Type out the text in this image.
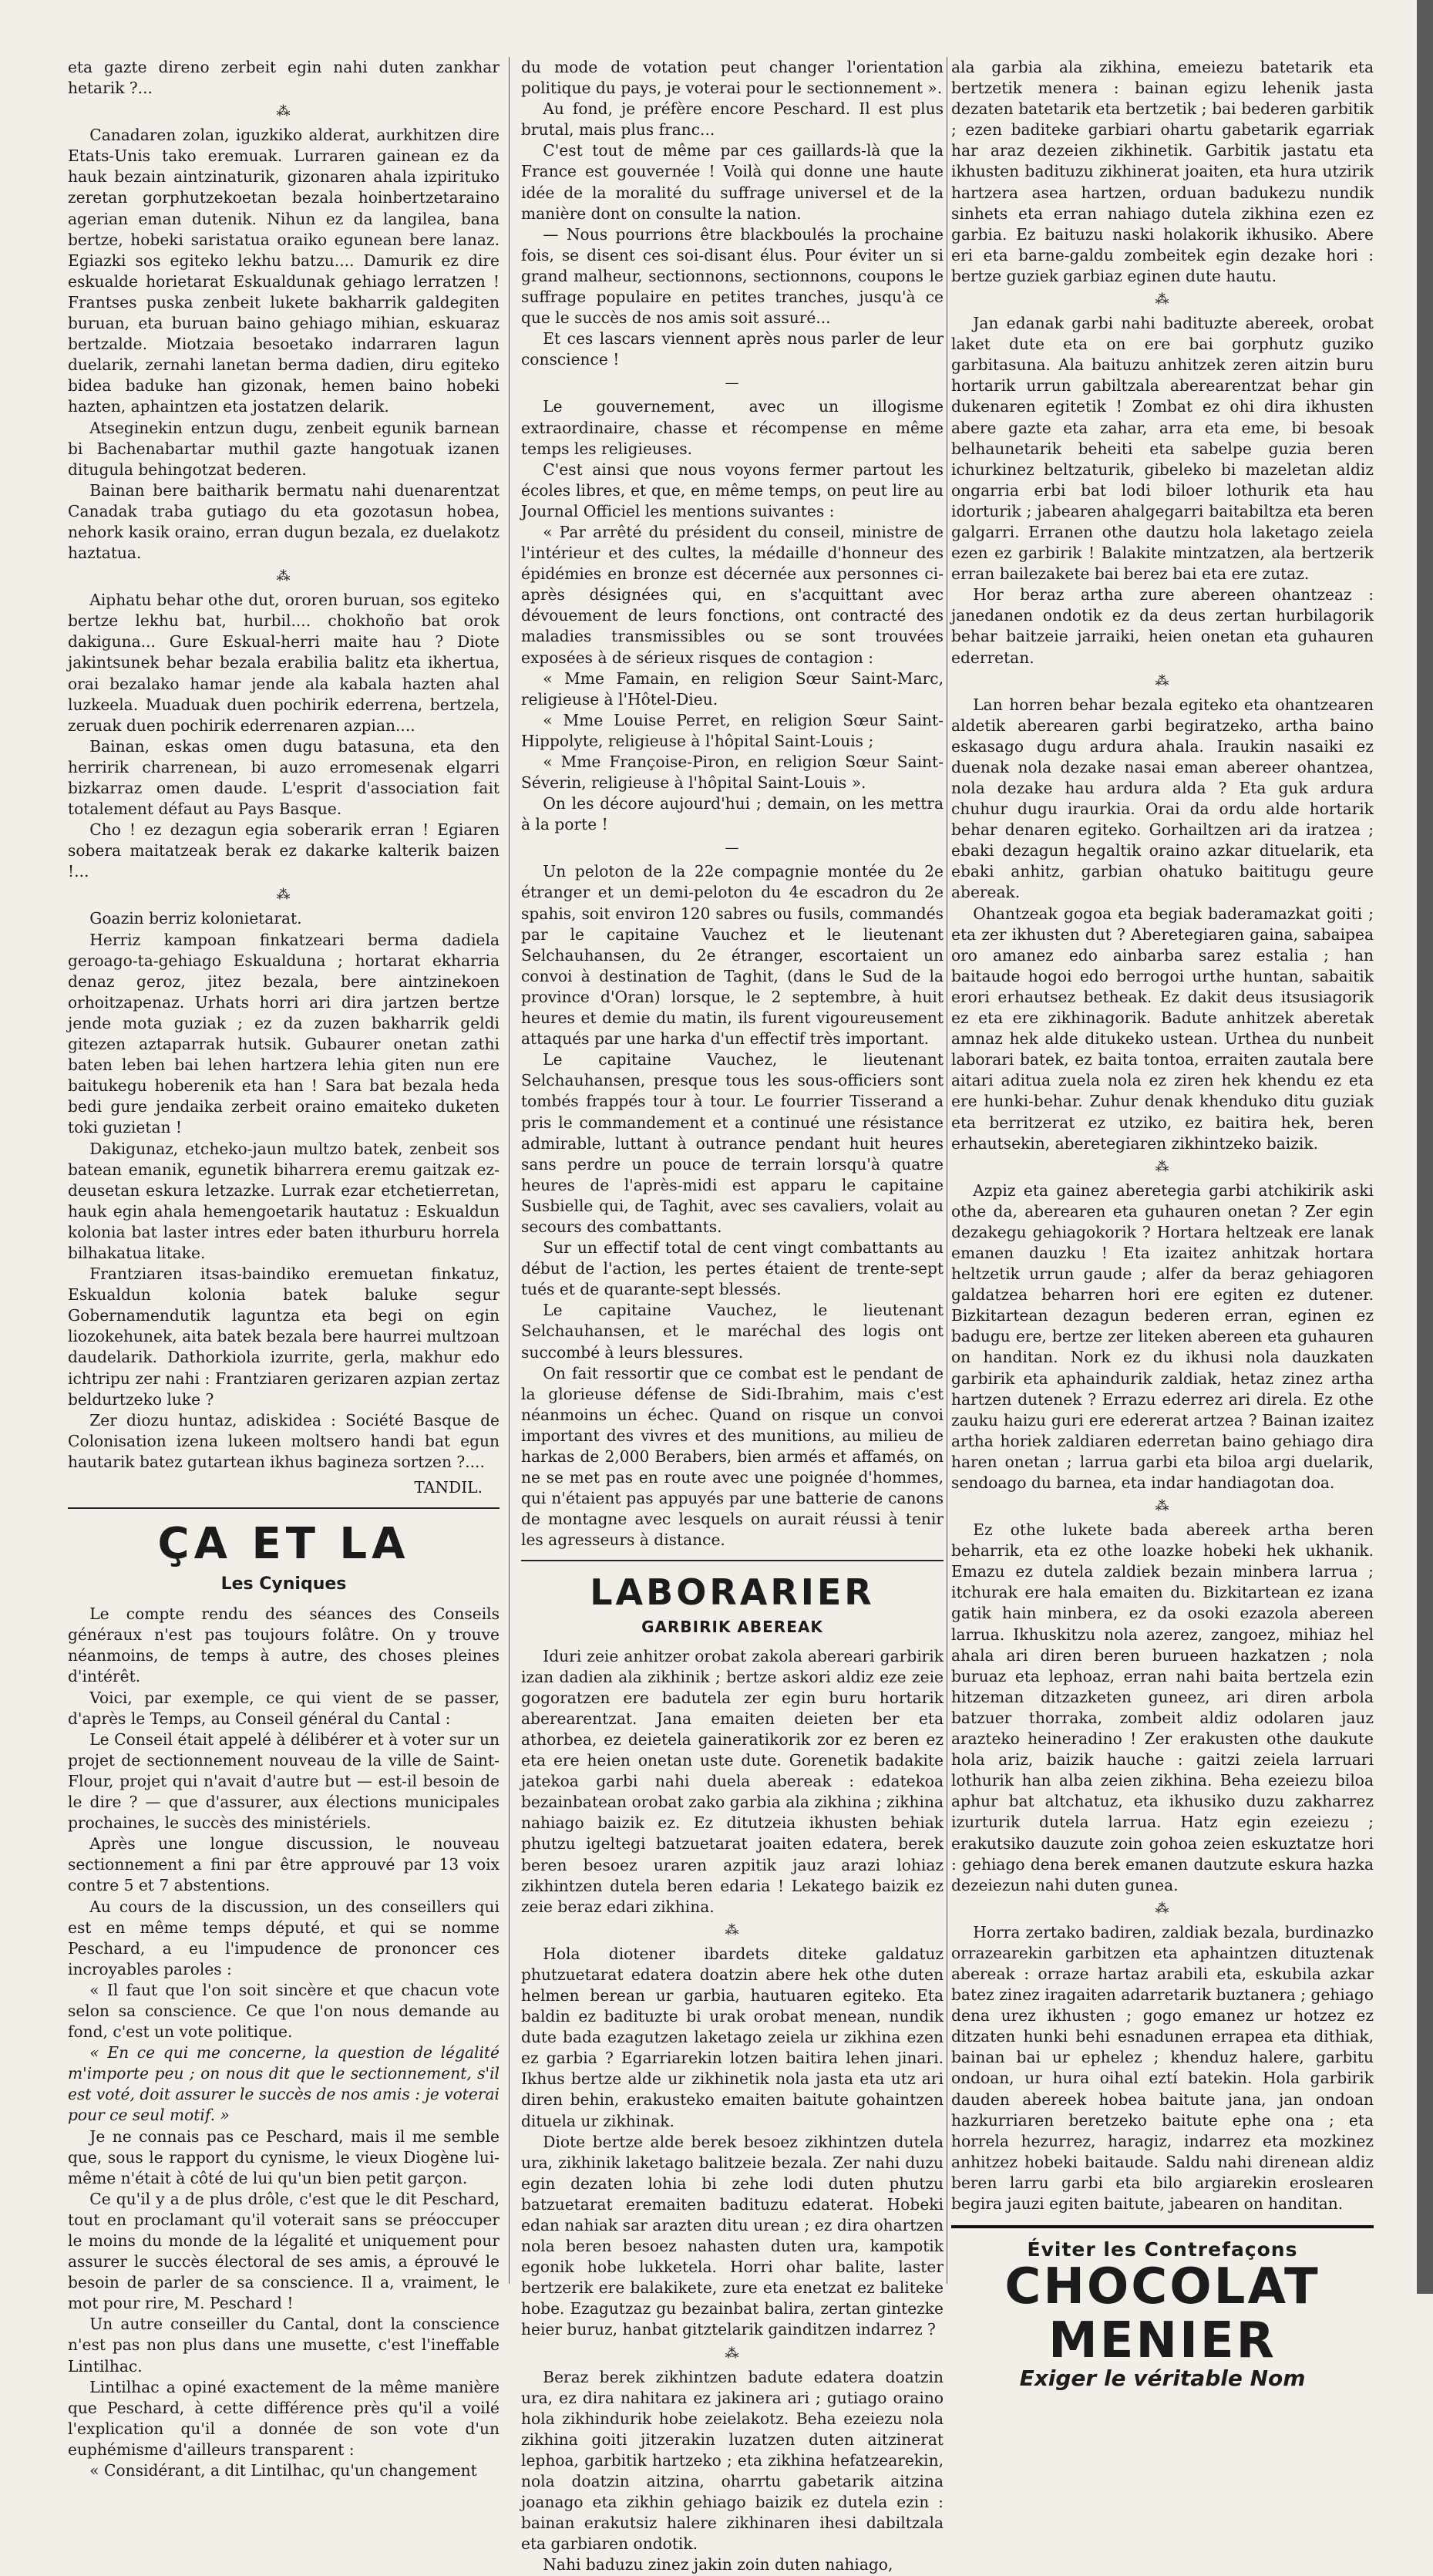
eta gazte direno zerbeit egin nahi duten zankhar hetarik ?...

⁂

Canadaren zolan, iguzkiko alderat, aurkhitzen dire Etats-Unis tako eremuak. Lurraren gainean ez da hauk bezain aintzinaturik, gizonaren ahala izpirituko zeretan gorphutzekoetan bezala hoinbertzetaraino agerian eman dutenik. Nihun ez da langilea, bana bertze, hobeki saristatua oraiko egunean bere lanaz. Egiazki sos egiteko lekhu batzu.... Damurik ez dire eskualde horietarat Eskualdunak gehiago lerratzen ! Frantses puska zenbeit lukete bakharrik galdegiten buruan, eta buruan baino gehiago mihian, eskuaraz bertzalde. Miotzaia besoetako indarraren lagun duelarik, zernahi lanetan berma dadien, diru egiteko bidea baduke han gizonak, hemen baino hobeki hazten, aphaintzen eta jostatzen delarik.

Atseginekin entzun dugu, zenbeit egunik barnean bi Bachenabartar muthil gazte hangotuak izanen ditugula behingotzat bederen.

Bainan bere baitharik bermatu nahi duenarentzat Canadak traba gutiago du eta gozotasun hobea, nehork kasik oraino, erran dugun bezala, ez duelakotz haztatua.

⁂

Aiphatu behar othe dut, ororen buruan, sos egiteko bertze lekhu bat, hurbil.... chokhoño bat orok dakiguna... Gure Eskual-herri maite hau ? Diote jakintsunek behar bezala erabilia balitz eta ikhertua, orai bezalako hamar jende ala kabala hazten ahal luzkeela. Muaduak duen pochirik ederrena, bertzela, zeruak duen pochirik ederrenaren azpian....

Bainan, eskas omen dugu batasuna, eta den herririk charrenean, bi auzo erromesenak elgarri bizkarraz omen daude. L'esprit d'association fait totalement défaut au Pays Basque.

Cho ! ez dezagun egia soberarik erran ! Egiaren sobera maitatzeak berak ez dakarke kalterik baizen !...

⁂

Goazin berriz kolonietarat.

Herriz kampoan finkatzeari berma dadiela geroago-ta-gehiago Eskualduna ; hortarat ekharria denaz geroz, jitez bezala, bere aintzinekoen orhoitzapenaz. Urhats horri ari dira jartzen bertze jende mota guziak ; ez da zuzen bakharrik geldi gitezen aztaparrak hutsik. Gubaurer onetan zathi baten leben bai lehen hartzera lehia giten nun ere baitukegu hoberenik eta han ! Sara bat bezala heda bedi gure jendaika zerbeit oraino emaiteko duketen toki guzietan !

Dakigunaz, etcheko-jaun multzo batek, zenbeit sos batean emanik, egunetik biharrera eremu gaitzak ez-deusetan eskura letzazke. Lurrak ezar etchetierretan, hauk egin ahala hemengoetarik hautatuz : Eskualdun kolonia bat laster intres eder baten ithurburu horrela bilhakatua litake.

Frantziaren itsas-baindiko eremuetan finkatuz, Eskualdun kolonia batek baluke segur Gobernamendutik laguntza eta begi on egin liozokehunek, aita batek bezala bere haurrei multzoan daudelarik. Dathorkiola izurrite, gerla, makhur edo ichtripu zer nahi : Frantziaren gerizaren azpian zertaz beldurtzeko luke ?

Zer diozu huntaz, adiskidea : Société Basque de Colonisation izena lukeen moltsero handi bat egun hautarik batez gutartean ikhus bagineza sortzen ?....

TANDIL.
ÇA ET LA
Les Cyniques

Le compte rendu des séances des Conseils généraux n'est pas toujours folâtre. On y trouve néanmoins, de temps à autre, des choses pleines d'intérêt.

Voici, par exemple, ce qui vient de se passer, d'après le Temps, au Conseil général du Cantal :

Le Conseil était appelé à délibérer et à voter sur un projet de sectionnement nouveau de la ville de Saint-Flour, projet qui n'avait d'autre but — est-il besoin de le dire ? — que d'assurer, aux élections municipales prochaines, le succès des ministériels.

Après une longue discussion, le nouveau sectionnement a fini par être approuvé par 13 voix contre 5 et 7 abstentions.

Au cours de la discussion, un des conseillers qui est en même temps député, et qui se nomme Peschard, a eu l'impudence de prononcer ces incroyables paroles :

« Il faut que l'on soit sincère et que chacun vote selon sa conscience. Ce que l'on nous demande au fond, c'est un vote politique.

« En ce qui me concerne, la question de légalité m'importe peu ; on nous dit que le sectionnement, s'il est voté, doit assurer le succès de nos amis : je voterai pour ce seul motif. »

Je ne connais pas ce Peschard, mais il me semble que, sous le rapport du cynisme, le vieux Diogène lui-même n'était à côté de lui qu'un bien petit garçon.

Ce qu'il y a de plus drôle, c'est que le dit Peschard, tout en proclamant qu'il voterait sans se préoccuper le moins du monde de la légalité et uniquement pour assurer le succès électoral de ses amis, a éprouvé le besoin de parler de sa conscience. Il a, vraiment, le mot pour rire, M. Peschard !

Un autre conseiller du Cantal, dont la conscience n'est pas non plus dans une musette, c'est l'ineffable Lintilhac.

Lintilhac a opiné exactement de la même manière que Peschard, à cette différence près qu'il a voilé l'explication qu'il a donnée de son vote d'un euphémisme d'ailleurs transparent :

« Considérant, a dit Lintilhac, qu'un changement

du mode de votation peut changer l'orientation politique du pays, je voterai pour le sectionnement ».

Au fond, je préfère encore Peschard. Il est plus brutal, mais plus franc...

C'est tout de même par ces gaillards-là que la France est gouvernée ! Voilà qui donne une haute idée de la moralité du suffrage universel et de la manière dont on consulte la nation.

— Nous pourrions être blackboulés la prochaine fois, se disent ces soi-disant élus. Pour éviter un si grand malheur, sectionnons, sectionnons, coupons le suffrage populaire en petites tranches, jusqu'à ce que le succès de nos amis soit assuré...

Et ces lascars viennent après nous parler de leur conscience !

—

Le gouvernement, avec un illogisme extraordinaire, chasse et récompense en même temps les religieuses.

C'est ainsi que nous voyons fermer partout les écoles libres, et que, en même temps, on peut lire au Journal Officiel les mentions suivantes :

« Par arrêté du président du conseil, ministre de l'intérieur et des cultes, la médaille d'honneur des épidémies en bronze est décernée aux personnes ci-après désignées qui, en s'acquittant avec dévouement de leurs fonctions, ont contracté des maladies transmissibles ou se sont trouvées exposées à de sérieux risques de contagion :

« Mme Famain, en religion Sœur Saint-Marc, religieuse à l'Hôtel-Dieu.

« Mme Louise Perret, en religion Sœur Saint-Hippolyte, religieuse à l'hôpital Saint-Louis ;

« Mme Françoise-Piron, en religion Sœur Saint-Séverin, religieuse à l'hôpital Saint-Louis ».

On les décore aujourd'hui ; demain, on les mettra à la porte !

—

Un peloton de la 22e compagnie montée du 2e étranger et un demi-peloton du 4e escadron du 2e spahis, soit environ 120 sabres ou fusils, commandés par le capitaine Vauchez et le lieutenant Selchauhansen, du 2e étranger, escortaient un convoi à destination de Taghit, (dans le Sud de la province d'Oran) lorsque, le 2 septembre, à huit heures et demie du matin, ils furent vigoureusement attaqués par une harka d'un effectif très important.

Le capitaine Vauchez, le lieutenant Selchauhansen, presque tous les sous-officiers sont tombés frappés tour à tour. Le fourrier Tisserand a pris le commandement et a continué une résistance admirable, luttant à outrance pendant huit heures sans perdre un pouce de terrain lorsqu'à quatre heures de l'après-midi est apparu le capitaine Susbielle qui, de Taghit, avec ses cavaliers, volait au secours des combattants.

Sur un effectif total de cent vingt combattants au début de l'action, les pertes étaient de trente-sept tués et de quarante-sept blessés.

Le capitaine Vauchez, le lieutenant Selchauhansen, et le maréchal des logis ont succombé à leurs blessures.

On fait ressortir que ce combat est le pendant de la glorieuse défense de Sidi-Ibrahim, mais c'est néanmoins un échec. Quand on risque un convoi important des vivres et des munitions, au milieu de harkas de 2,000 Berabers, bien armés et affamés, on ne se met pas en route avec une poignée d'hommes, qui n'étaient pas appuyés par une batterie de canons de montagne avec lesquels on aurait réussi à tenir les agresseurs à distance.

LABORARIER
GARBIRIK ABEREAK

Iduri zeie anhitzer orobat zakola abereari garbirik izan dadien ala zikhinik ; bertze askori aldiz eze zeie gogoratzen ere badutela zer egin buru hortarik aberearentzat. Jana emaiten deieten ber eta athorbea, ez deietela gaineratikorik zor ez beren ez eta ere heien onetan uste dute. Gorenetik badakite jatekoa garbi nahi duela abereak : edatekoa bezainbatean orobat zako garbia ala zikhina ; zikhina nahiago baizik ez. Ez ditutzeia ikhusten behiak phutzu igeltegi batzuetarat joaiten edatera, berek beren besoez uraren azpitik jauz arazi lohiaz zikhintzen dutela beren edaria ! Lekatego baizik ez zeie beraz edari zikhina.

⁂

Hola diotener ibardets diteke galdatuz phutzuetarat edatera doatzin abere hek othe duten helmen berean ur garbia, hautuaren egiteko. Eta baldin ez badituzte bi urak orobat menean, nundik dute bada ezagutzen laketago zeiela ur zikhina ezen ez garbia ? Egarriarekin lotzen baitira lehen jinari. Ikhus bertze alde ur zikhinetik nola jasta eta utz ari diren behin, erakusteko emaiten baitute gohaintzen dituela ur zikhinak.

Diote bertze alde berek besoez zikhintzen dutela ura, zikhinik laketago balitzeie bezala. Zer nahi duzu egin dezaten lohia bi zehe lodi duten phutzu batzuetarat eremaiten badituzu edaterat. Hobeki edan nahiak sar arazten ditu urean ; ez dira ohartzen nola beren besoez nahasten duten ura, kampotik egonik hobe lukketela. Horri ohar balite, laster bertzerik ere balakikete, zure eta enetzat ez baliteke hobe. Ezagutzaz gu bezainbat balira, zertan gintezke heier buruz, hanbat gitztelarik gainditzen indarrez ?

⁂

Beraz berek zikhintzen badute edatera doatzin ura, ez dira nahitara ez jakinera ari ; gutiago oraino hola zikhindurik hobe zeielakotz. Beha ezeiezu nola zikhina goiti jitzerakin luzatzen duten aitzinerat lephoa, garbitik hartzeko ; eta zikhina hefatzearekin, nola doatzin aitzina, oharrtu gabetarik aitzina joanago eta zikhin gehiago baizik ez dutela ezin : bainan erakutsiz halere zikhinaren ihesi dabiltzala eta garbiaren ondotik.

Nahi baduzu zinez jakin zoin duten nahiago,

ala garbia ala zikhina, emeiezu batetarik eta bertzetik menera : bainan egizu lehenik jasta dezaten batetarik eta bertzetik ; bai bederen garbitik ; ezen baditeke garbiari ohartu gabetarik egarriak har araz dezeien zikhinetik. Garbitik jastatu eta ikhusten badituzu zikhinerat joaiten, eta hura utzirik hartzera asea hartzen, orduan badukezu nundik sinhets eta erran nahiago dutela zikhina ezen ez garbia. Ez baituzu naski holakorik ikhusiko. Abere eri eta barne-galdu zombeitek egin dezake hori : bertze guziek garbiaz eginen dute hautu.

⁂

Jan edanak garbi nahi badituzte abereek, orobat laket dute eta on ere bai gorphutz guziko garbitasuna. Ala baituzu anhitzek zeren aitzin buru hortarik urrun gabiltzala aberearentzat behar gin dukenaren egitetik ! Zombat ez ohi dira ikhusten abere gazte eta zahar, arra eta eme, bi besoak belhaunetarik beheiti eta sabelpe guzia beren ichurkinez beltzaturik, gibeleko bi mazeletan aldiz ongarria erbi bat lodi biloer lothurik eta hau idorturik ; jabearen ahalgegarri baitabiltza eta beren galgarri. Erranen othe dautzu hola laketago zeiela ezen ez garbirik ! Balakite mintzatzen, ala bertzerik erran bailezakete bai berez bai eta ere zutaz.

Hor beraz artha zure abereen ohantzeaz : janedanen ondotik ez da deus zertan hurbilagorik behar baitzeie jarraiki, heien onetan eta guhauren ederretan.

⁂

Lan horren behar bezala egiteko eta ohantzearen aldetik aberearen garbi begiratzeko, artha baino eskasago dugu ardura ahala. Iraukin nasaiki ez duenak nola dezake nasai eman abereer ohantzea, nola dezake hau ardura alda ? Eta guk ardura chuhur dugu iraurkia. Orai da ordu alde hortarik behar denaren egiteko. Gorhailtzen ari da iratzea ; ebaki dezagun hegaltik oraino azkar dituelarik, eta ebaki anhitz, garbian ohatuko baititugu geure abereak.

Ohantzeak gogoa eta begiak baderamazkat goiti ; eta zer ikhusten dut ? Aberetegiaren gaina, sabaipea oro amanez edo ainbarba sarez estalia ; han baitaude hogoi edo berrogoi urthe huntan, sabaitik erori erhautsez betheak. Ez dakit deus itsusiagorik ez eta ere zikhinagorik. Badute anhitzek aberetak amnaz hek alde ditukeko ustean. Urthea du nunbeit laborari batek, ez baita tontoa, erraiten zautala bere aitari aditua zuela nola ez ziren hek khendu ez eta ere hunki-behar. Zuhur denak khenduko ditu guziak eta berritzerat ez utziko, ez baitira hek, beren erhautsekin, aberetegiaren zikhintzeko baizik.

⁂

Azpiz eta gainez aberetegia garbi atchikirik aski othe da, aberearen eta guhauren onetan ? Zer egin dezakegu gehiagokorik ? Hortara heltzeak ere lanak emanen dauzku ! Eta izaitez anhitzak hortara heltzetik urrun gaude ; alfer da beraz gehiagoren galdatzea beharren hori ere egiten ez dutener. Bizkitartean dezagun bederen erran, eginen ez badugu ere, bertze zer liteken abereen eta guhauren on handitan. Nork ez du ikhusi nola dauzkaten garbirik eta aphaindurik zaldiak, hetaz zinez artha hartzen dutenek ? Errazu ederrez ari direla. Ez othe zauku haizu guri ere edererat artzea ? Bainan izaitez artha horiek zaldiaren ederretan baino gehiago dira haren onetan ; larrua garbi eta biloa argi duelarik, sendoago du barnea, eta indar handiagotan doa.

⁂

Ez othe lukete bada abereek artha beren beharrik, eta ez othe loazke hobeki hek ukhanik. Emazu ez dutela zaldiek bezain minbera larrua ; itchurak ere hala emaiten du. Bizkitartean ez izana gatik hain minbera, ez da osoki ezazola abereen larrua. Ikhuskitzu nola azerez, zangoez, mihiaz hel ahala ari diren beren burueen hazkatzen ; nola buruaz eta lephoaz, erran nahi baita bertzela ezin hitzeman ditzazketen guneez, ari diren arbola batzuer thorraka, zombeit aldiz odolaren jauz arazteko heineradino ! Zer erakusten othe daukute hola ariz, baizik hauche : gaitzi zeiela larruari lothurik han alba zeien zikhina. Beha ezeiezu biloa aphur bat altchatuz, eta ikhusiko duzu zakharrez izurturik dutela larrua. Hatz egin ezeiezu ; erakutsiko dauzute zoin gohoa zeien eskuztatze hori : gehiago dena berek emanen dautzute eskura hazka dezeiezun nahi duten gunea.

⁂

Horra zertako badiren, zaldiak bezala, burdinazko orrazearekin garbitzen eta aphaintzen dituztenak abereak : orraze hartaz arabili eta, eskubila azkar batez zinez iragaiten adarretarik buztanera ; gehiago dena urez ikhusten ; gogo emanez ur hotzez ez ditzaten hunki behi esnadunen errapea eta dithiak, bainan bai ur ephelez ; khenduz halere, garbitu ondoan, ur hura oihal eztí batekin. Hola garbirik dauden abereek hobea baitute jana, jan ondoan hazkurriaren beretzeko baitute ephe ona ; eta horrela hezurrez, haragiz, indarrez eta mozkinez anhitzez hobeki baitaude. Saldu nahi direnean aldiz beren larru garbi eta bilo argiarekin eroslearen begira jauzi egiten baitute, jabearen on handitan.

Éviter les Contrefaçons
CHOCOLAT
MENIER
Exiger le véritable Nom
